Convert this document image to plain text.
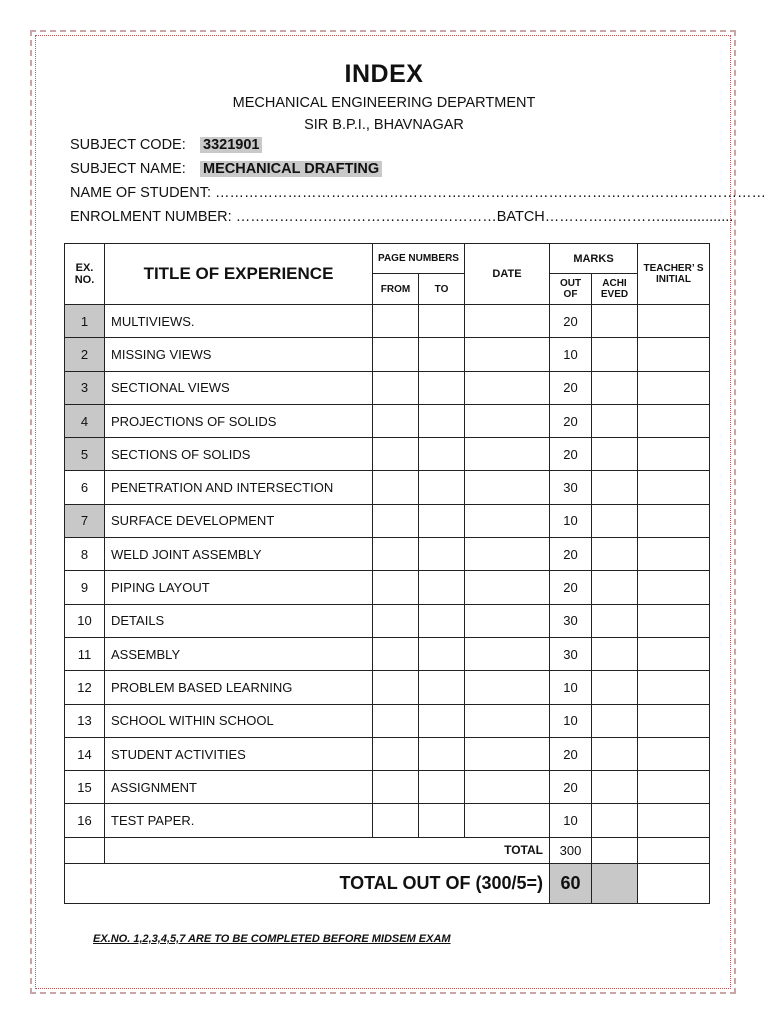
INDEX
MECHANICAL ENGINEERING DEPARTMENT
SIR B.P.I., BHAVNAGAR
SUBJECT CODE: 3321901
SUBJECT NAME: MECHANICAL DRAFTING
NAME OF STUDENT: ……………………………………………………………………………………………………
ENROLMENT NUMBER: ………………………………………………BATCH……………………..................
EX. NO.	TITLE OF EXPERIENCE	PAGE NUMBERS		DATE	MARKS		TEACHER’ S INITIAL
		FROM	TO		OUT OF	ACHI EVED	
1	MULTIVIEWS.				20		
2	MISSING VIEWS				10		
3	SECTIONAL VIEWS				20		
4	PROJECTIONS OF SOLIDS				20		
5	SECTIONS OF SOLIDS				20		
6	PENETRATION AND INTERSECTION				30		
7	SURFACE DEVELOPMENT				10		
8	WELD JOINT ASSEMBLY				20		
9	PIPING LAYOUT				20		
10	DETAILS				30		
11	ASSEMBLY				30		
12	PROBLEM BASED LEARNING				10		
13	SCHOOL WITHIN SCHOOL				10		
14	STUDENT ACTIVITIES				20		
15	ASSIGNMENT				20		
16	TEST PAPER.				10		
	TOTAL				300		
TOTAL OUT OF (300/5=)					60		
EX.NO. 1,2,3,4,5,7 ARE TO BE COMPLETED BEFORE MIDSEM EXAM
